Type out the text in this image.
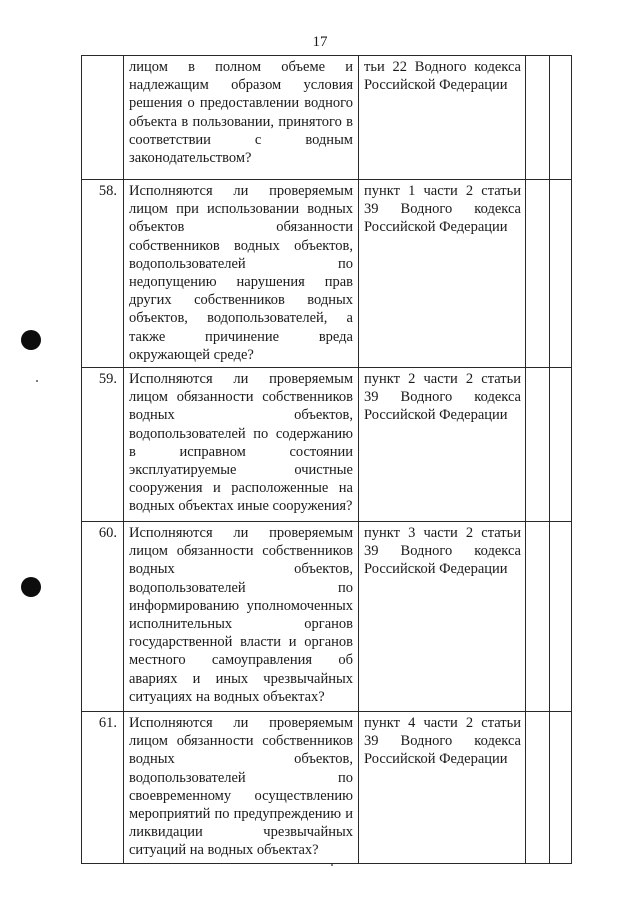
17
	лицом в полном объеме и надлежащим образом условия решения о предоставлении водного объекта в пользовании, принятого в соответствии с водным законодательством?	тьи 22 Водного кодекса Российской Федерации		
58.	Исполняются ли проверяемым лицом при использовании водных объектов обязанности собственников водных объектов, водопользователей по недопущению нарушения прав других собственников водных объектов, водопользователей, а также причинение вреда окружающей среде?	пункт 1 части 2 статьи 39 Водного кодекса Российской Федерации		
59.	Исполняются ли проверяемым лицом обязанности собственников водных объектов, водопользователей по содержанию в исправном состоянии эксплуатируемые очистные сооружения и расположенные на водных объектах иные сооружения?	пункт 2 части 2 статьи 39 Водного кодекса Российской Федерации		
60.	Исполняются ли проверяемым лицом обязанности собственников водных объектов, водопользователей по информированию уполномоченных исполнительных органов государственной власти и органов местного самоуправления об авариях и иных чрезвычайных ситуациях на водных объектах?	пункт 3 части 2 статьи 39 Водного кодекса Российской Федерации		
61.	Исполняются ли проверяемым лицом обязанности собственников водных объектов, водопользователей по своевременному осуществлению мероприятий по предупреждению и ликвидации чрезвычайных ситуаций на водных объектах?	пункт 4 части 2 статьи 39 Водного кодекса Российской Федерации		
